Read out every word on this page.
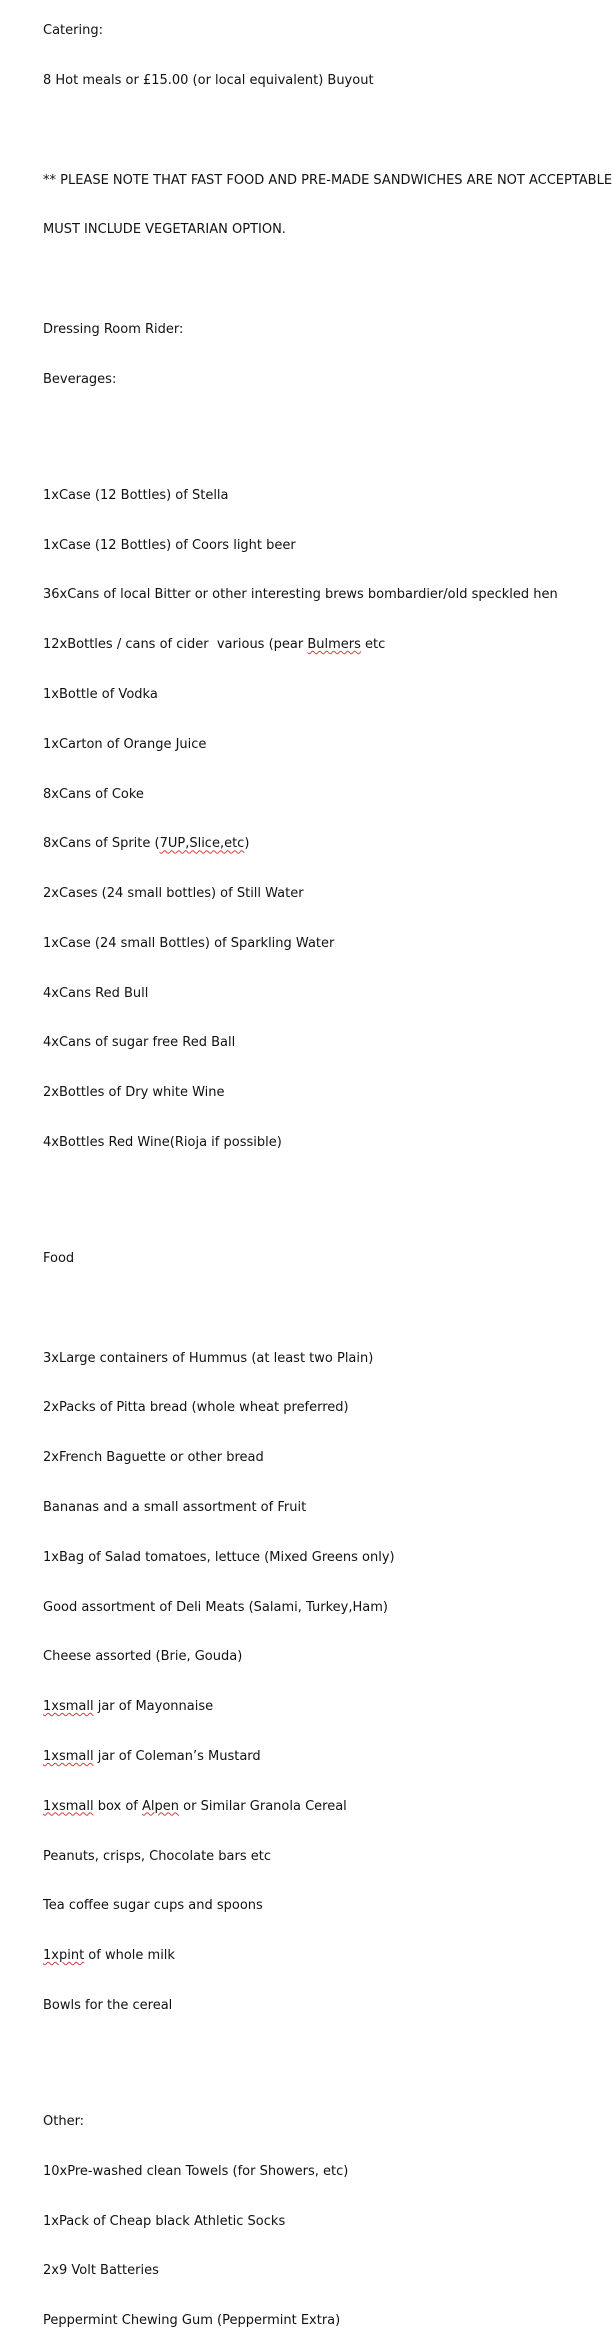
Catering:

8 Hot meals or £15.00 (or local equivalent) Buyout

** PLEASE NOTE THAT FAST FOOD AND PRE-MADE SANDWICHES ARE NOT ACCEPTABLE

MUST INCLUDE VEGETARIAN OPTION.

Dressing Room Rider:

Beverages:

1xCase (12 Bottles) of Stella

1xCase (12 Bottles) of Coors light beer

36xCans of local Bitter or other interesting brews bombardier/old speckled hen

12xBottles / cans of cider  various (pear Bulmers etc

1xBottle of Vodka

1xCarton of Orange Juice

8xCans of Coke

8xCans of Sprite (7UP,Slice,etc)

2xCases (24 small bottles) of Still Water

1xCase (24 small Bottles) of Sparkling Water

4xCans Red Bull

4xCans of sugar free Red Ball

2xBottles of Dry white Wine

4xBottles Red Wine(Rioja if possible)

Food

3xLarge containers of Hummus (at least two Plain)

2xPacks of Pitta bread (whole wheat preferred)

2xFrench Baguette or other bread

Bananas and a small assortment of Fruit

1xBag of Salad tomatoes, lettuce (Mixed Greens only)

Good assortment of Deli Meats (Salami, Turkey,Ham)

Cheese assorted (Brie, Gouda)

1xsmall jar of Mayonnaise

1xsmall jar of Coleman’s Mustard

1xsmall box of Alpen or Similar Granola Cereal

Peanuts, crisps, Chocolate bars etc

Tea coffee sugar cups and spoons

1xpint of whole milk

Bowls for the cereal

Other:

10xPre-washed clean Towels (for Showers, etc)

1xPack of Cheap black Athletic Socks

2x9 Volt Batteries

Peppermint Chewing Gum (Peppermint Extra)
